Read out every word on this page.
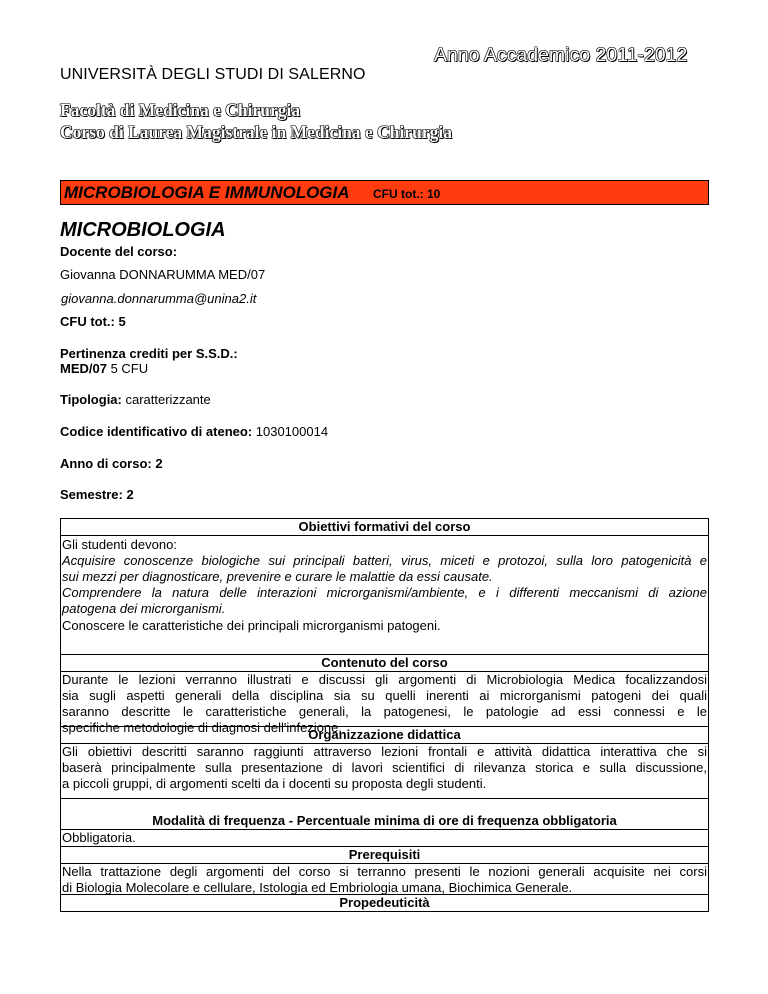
Anno Accademico 2011-2012
UNIVERSITÀ DEGLI STUDI DI SALERNO
Facoltà di Medicina e Chirurgia
Corso di Laurea Magistrale in Medicina e Chirurgia
MICROBIOLOGIA E IMMUNOLOGIA CFU tot.: 10
MICROBIOLOGIA
Docente del corso:
Giovanna DONNARUMMA MED/07
giovanna.donnarumma@unina2.it
CFU tot.: 5
Pertinenza crediti per S.S.D.:
MED/07 5 CFU
Tipologia: caratterizzante
Codice identificativo di ateneo: 1030100014
Anno di corso: 2
Semestre: 2
Obiettivi formativi del corso
Gli studenti devono:
Acquisire conoscenze biologiche sui principali batteri, virus, miceti e protozoi, sulla loro patogenicità e
sui mezzi per diagnosticare, prevenire e curare le malattie da essi causate.
Comprendere la natura delle interazioni microrganismi/ambiente, e i differenti meccanismi di azione
patogena dei microrganismi.
Conoscere le caratteristiche dei principali microrganismi patogeni.
Contenuto del corso
Durante le lezioni verranno illustrati e discussi gli argomenti di Microbiologia Medica focalizzandosi
sia sugli aspetti generali della disciplina sia su quelli inerenti ai microrganismi patogeni dei quali
saranno descritte le caratteristiche generali, la patogenesi, le patologie ad essi connessi e le
specifiche metodologie di diagnosi dell'infezione.
Organizzazione didattica
Gli obiettivi descritti saranno raggiunti attraverso lezioni frontali e attività didattica interattiva che si
baserà principalmente sulla presentazione di lavori scientifici di rilevanza storica e sulla discussione,
a piccoli gruppi, di argomenti scelti da i docenti su proposta degli studenti.
Modalità di frequenza - Percentuale minima di ore di frequenza obbligatoria
Obbligatoria.
Prerequisiti
Nella trattazione degli argomenti del corso si terranno presenti le nozioni generali acquisite nei corsi
di Biologia Molecolare e cellulare, Istologia ed Embriologia umana, Biochimica Generale.
Propedeuticità
